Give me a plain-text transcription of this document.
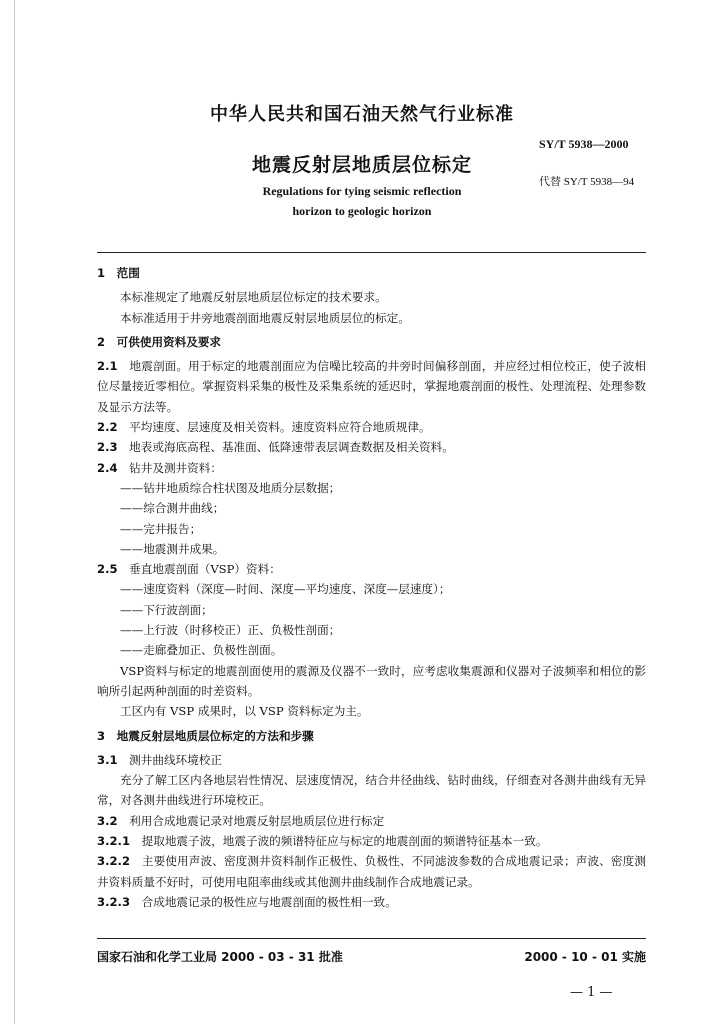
中华人民共和国石油天然气行业标准
SY/T 5938—2000
地震反射层地质层位标定
代替 SY/T 5938—94
Regulations for tying seismic reflection
horizon to geologic horizon

1　范围

本标准规定了地震反射层地质层位标定的技术要求。

本标准适用于井旁地震剖面地震反射层地质层位的标定。

2　可供使用资料及要求

2.1　 地震剖面。用于标定的地震剖面应为信噪比较高的井旁时间偏移剖面，并应经过相位校正，使子波相位尽量接近零相位。掌握资料采集的极性及采集系统的延迟时，掌握地震剖面的极性、处理流程、处理参数及显示方法等。

2.2　 平均速度、层速度及相关资料。速度资料应符合地质规律。

2.3　 地表或海底高程、基准面、低降速带表层调查数据及相关资料。

2.4　 钻井及测井资料：

——钻井地质综合柱状图及地质分层数据；

——综合测井曲线；

——完井报告；

——地震测井成果。

2.5　 垂直地震剖面（VSP）资料：

——速度资料（深度—时间、深度—平均速度、深度—层速度）；

——下行波剖面；

——上行波（时移校正）正、负极性剖面；

——走廊叠加正、负极性剖面。

VSP资料与标定的地震剖面使用的震源及仪器不一致时，应考虑收集震源和仪器对子波频率和相位的影响所引起两种剖面的时差资料。

工区内有 VSP 成果时，以 VSP 资料标定为主。

3　地震反射层地质层位标定的方法和步骤

3.1　 测井曲线环境校正

充分了解工区内各地层岩性情况、层速度情况，结合井径曲线、钻时曲线，仔细查对各测井曲线有无异常，对各测井曲线进行环境校正。

3.2　 利用合成地震记录对地震反射层地质层位进行标定

3.2.1　 提取地震子波，地震子波的频谱特征应与标定的地震剖面的频谱特征基本一致。

3.2.2　 主要使用声波、密度测井资料制作正极性、负极性、不同滤波参数的合成地震记录；声波、密度测井资料质量不好时，可使用电阻率曲线或其他测井曲线制作合成地震记录。

3.2.3　 合成地震记录的极性应与地震剖面的极性相一致。

国家石油和化学工业局 2000 - 03 - 31 批准	2000 - 10 - 01 实施
— 1 —
